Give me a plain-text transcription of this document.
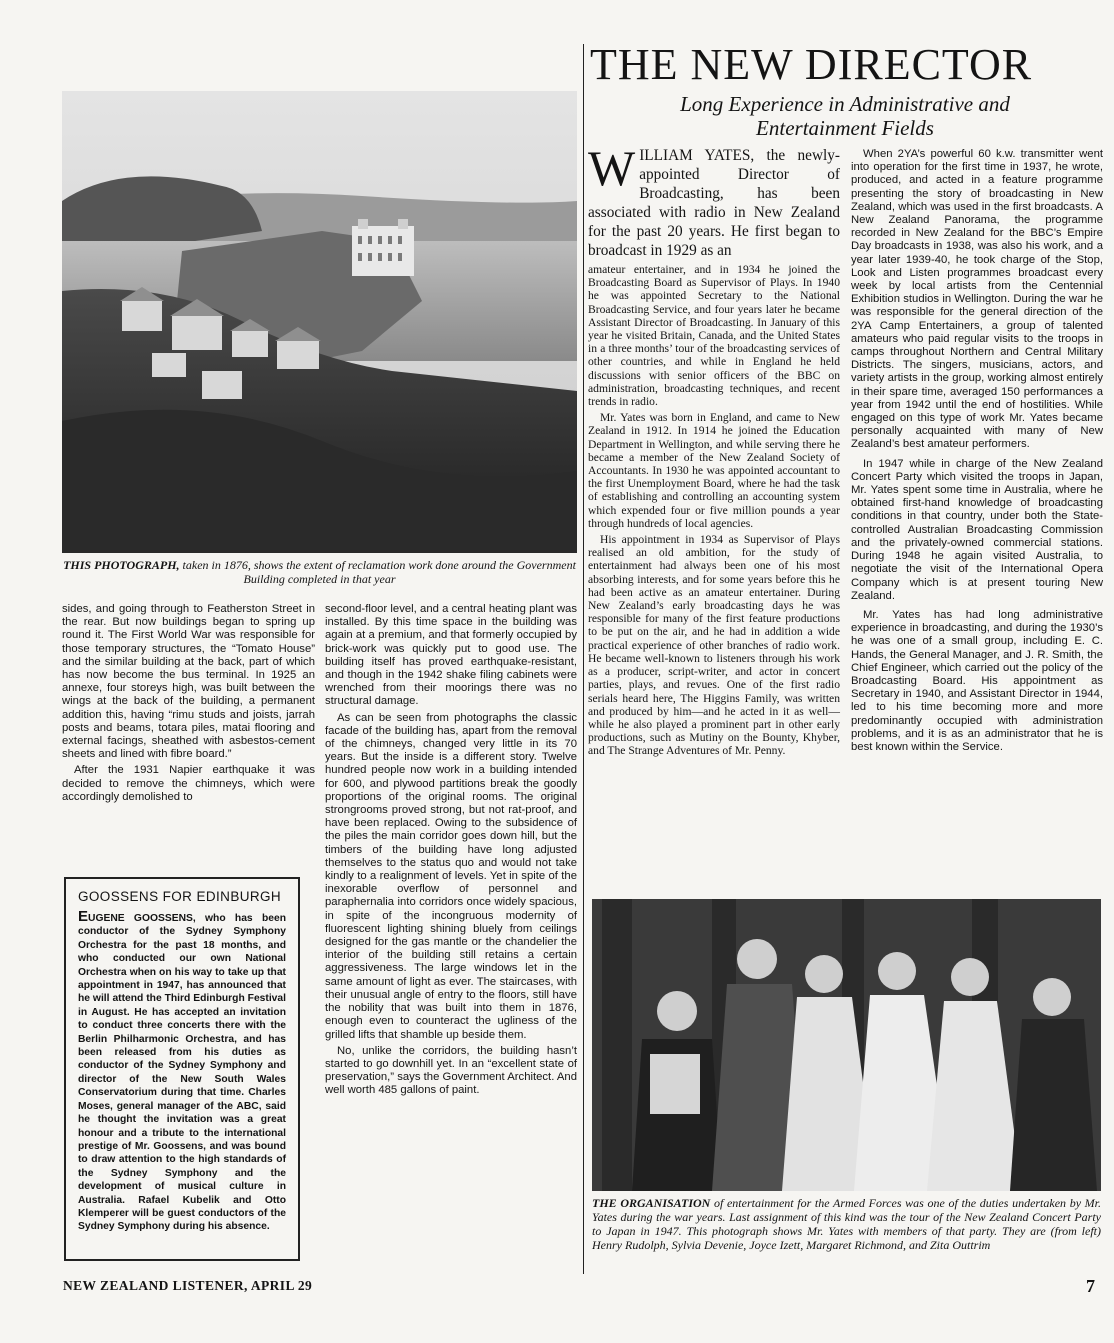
THIS PHOTOGRAPH, taken in 1876, shows the extent of reclamation work done around the Government Building completed in that year

sides, and going through to Featherston Street in the rear. But now buildings began to spring up round it. The First World War was responsible for those temporary structures, the “Tomato House” and the similar building at the back, part of which has now become the bus terminal. In 1925 an annexe, four storeys high, was built between the wings at the back of the building, a permanent addition this, having “rimu studs and joists, jarrah posts and beams, totara piles, matai flooring and external facings, sheathed with asbestos-cement sheets and lined with fibre board.”

After the 1931 Napier earthquake it was decided to remove the chimneys, which were accordingly demolished to

second-floor level, and a central heating plant was installed. By this time space in the building was again at a premium, and that formerly occupied by brick-work was quickly put to good use. The building itself has proved earthquake-resistant, and though in the 1942 shake filing cabinets were wrenched from their moorings there was no structural damage.

As can be seen from photographs the classic facade of the building has, apart from the removal of the chimneys, changed very little in its 70 years. But the inside is a different story. Twelve hundred people now work in a building intended for 600, and plywood partitions break the goodly proportions of the original rooms. The original strongrooms proved strong, but not rat-proof, and have been replaced. Owing to the subsidence of the piles the main corridor goes down hill, but the timbers of the building have long adjusted themselves to the status quo and would not take kindly to a realignment of levels. Yet in spite of the inexorable overflow of personnel and paraphernalia into corridors once widely spacious, in spite of the incongruous modernity of fluorescent lighting shining bluely from ceilings designed for the gas mantle or the chandelier the interior of the building still retains a certain aggressiveness. The large windows let in the same amount of light as ever. The staircases, with their unusual angle of entry to the floors, still have the nobility that was built into them in 1876, enough even to counteract the ugliness of the grilled lifts that shamble up beside them.

No, unlike the corridors, the building hasn’t started to go downhill yet. In an “excellent state of preservation,” says the Government Architect. And well worth 485 gallons of paint.

GOOSSENS FOR EDINBURGH
EUGENE GOOSSENS, who has been conductor of the Sydney Symphony Orchestra for the past 18 months, and who conducted our own National Orchestra when on his way to take up that appointment in 1947, has announced that he will attend the Third Edinburgh Festival in August. He has accepted an invitation to conduct three concerts there with the Berlin Philharmonic Orchestra, and has been released from his duties as conductor of the Sydney Symphony and director of the New South Wales Conservatorium during that time. Charles Moses, general manager of the ABC, said he thought the invitation was a great honour and a tribute to the international prestige of Mr. Goossens, and was bound to draw attention to the high standards of the Sydney Symphony and the development of musical culture in Australia. Rafael Kubelik and Otto Klemperer will be guest conductors of the Sydney Symphony during his absence.
THE NEW DIRECTOR
Long Experience in Administrative and
Entertainment Fields

WILLIAM YATES, the newly-appointed Director of Broadcasting, has been associated with radio in New Zealand for the past 20 years. He first began to broadcast in 1929 as an

amateur entertainer, and in 1934 he joined the Broadcasting Board as Supervisor of Plays. In 1940 he was appointed Secretary to the National Broadcasting Service, and four years later he became Assistant Director of Broadcasting. In January of this year he visited Britain, Canada, and the United States in a three months’ tour of the broadcasting services of other countries, and while in England he held discussions with senior officers of the BBC on administration, broadcasting techniques, and recent trends in radio.

Mr. Yates was born in England, and came to New Zealand in 1912. In 1914 he joined the Education Department in Wellington, and while serving there he became a member of the New Zealand Society of Accountants. In 1930 he was appointed accountant to the first Unemployment Board, where he had the task of establishing and controlling an accounting system which expended four or five million pounds a year through hundreds of local agencies.

His appointment in 1934 as Supervisor of Plays realised an old ambition, for the study of entertainment had always been one of his most absorbing interests, and for some years before this he had been active as an amateur entertainer. During New Zealand’s early broadcasting days he was responsible for many of the first feature productions to be put on the air, and he had in addition a wide practical experience of other branches of radio work. He became well-known to listeners through his work as a producer, script-writer, and actor in concert parties, plays, and revues. One of the first radio serials heard here, The Higgins Family, was written and produced by him—and he acted in it as well—while he also played a prominent part in other early productions, such as Mutiny on the Bounty, Khyber, and The Strange Adventures of Mr. Penny.

When 2YA’s powerful 60 k.w. transmitter went into operation for the first time in 1937, he wrote, produced, and acted in a feature programme presenting the story of broadcasting in New Zealand, which was used in the first broadcasts. A New Zealand Panorama, the programme recorded in New Zealand for the BBC’s Empire Day broadcasts in 1938, was also his work, and a year later 1939-40, he took charge of the Stop, Look and Listen programmes broadcast every week by local artists from the Centennial Exhibition studios in Wellington. During the war he was responsible for the general direction of the 2YA Camp Entertainers, a group of talented amateurs who paid regular visits to the troops in camps throughout Northern and Central Military Districts. The singers, musicians, actors, and variety artists in the group, working almost entirely in their spare time, averaged 150 performances a year from 1942 until the end of hostilities. While engaged on this type of work Mr. Yates became personally acquainted with many of New Zealand’s best amateur performers.

In 1947 while in charge of the New Zealand Concert Party which visited the troops in Japan, Mr. Yates spent some time in Australia, where he obtained first-hand knowledge of broadcasting conditions in that country, under both the State-controlled Australian Broadcasting Commission and the privately-owned commercial stations. During 1948 he again visited Australia, to negotiate the visit of the International Opera Company which is at present touring New Zealand.

Mr. Yates has had long administrative experience in broadcasting, and during the 1930’s he was one of a small group, including E. C. Hands, the General Manager, and J. R. Smith, the Chief Engineer, which carried out the policy of the Broadcasting Board. His appointment as Secretary in 1940, and Assistant Director in 1944, led to his time becoming more and more predominantly occupied with administration problems, and it is as an administrator that he is best known within the Service.

THE ORGANISATION of entertainment for the Armed Forces was one of the duties undertaken by Mr. Yates during the war years. Last assignment of this kind was the tour of the New Zealand Concert Party to Japan in 1947. This photograph shows Mr. Yates with members of that party. They are (from left) Henry Rudolph, Sylvia Devenie, Joyce Izett, Margaret Richmond, and Zita Outtrim
NEW ZEALAND LISTENER, APRIL 29	7
